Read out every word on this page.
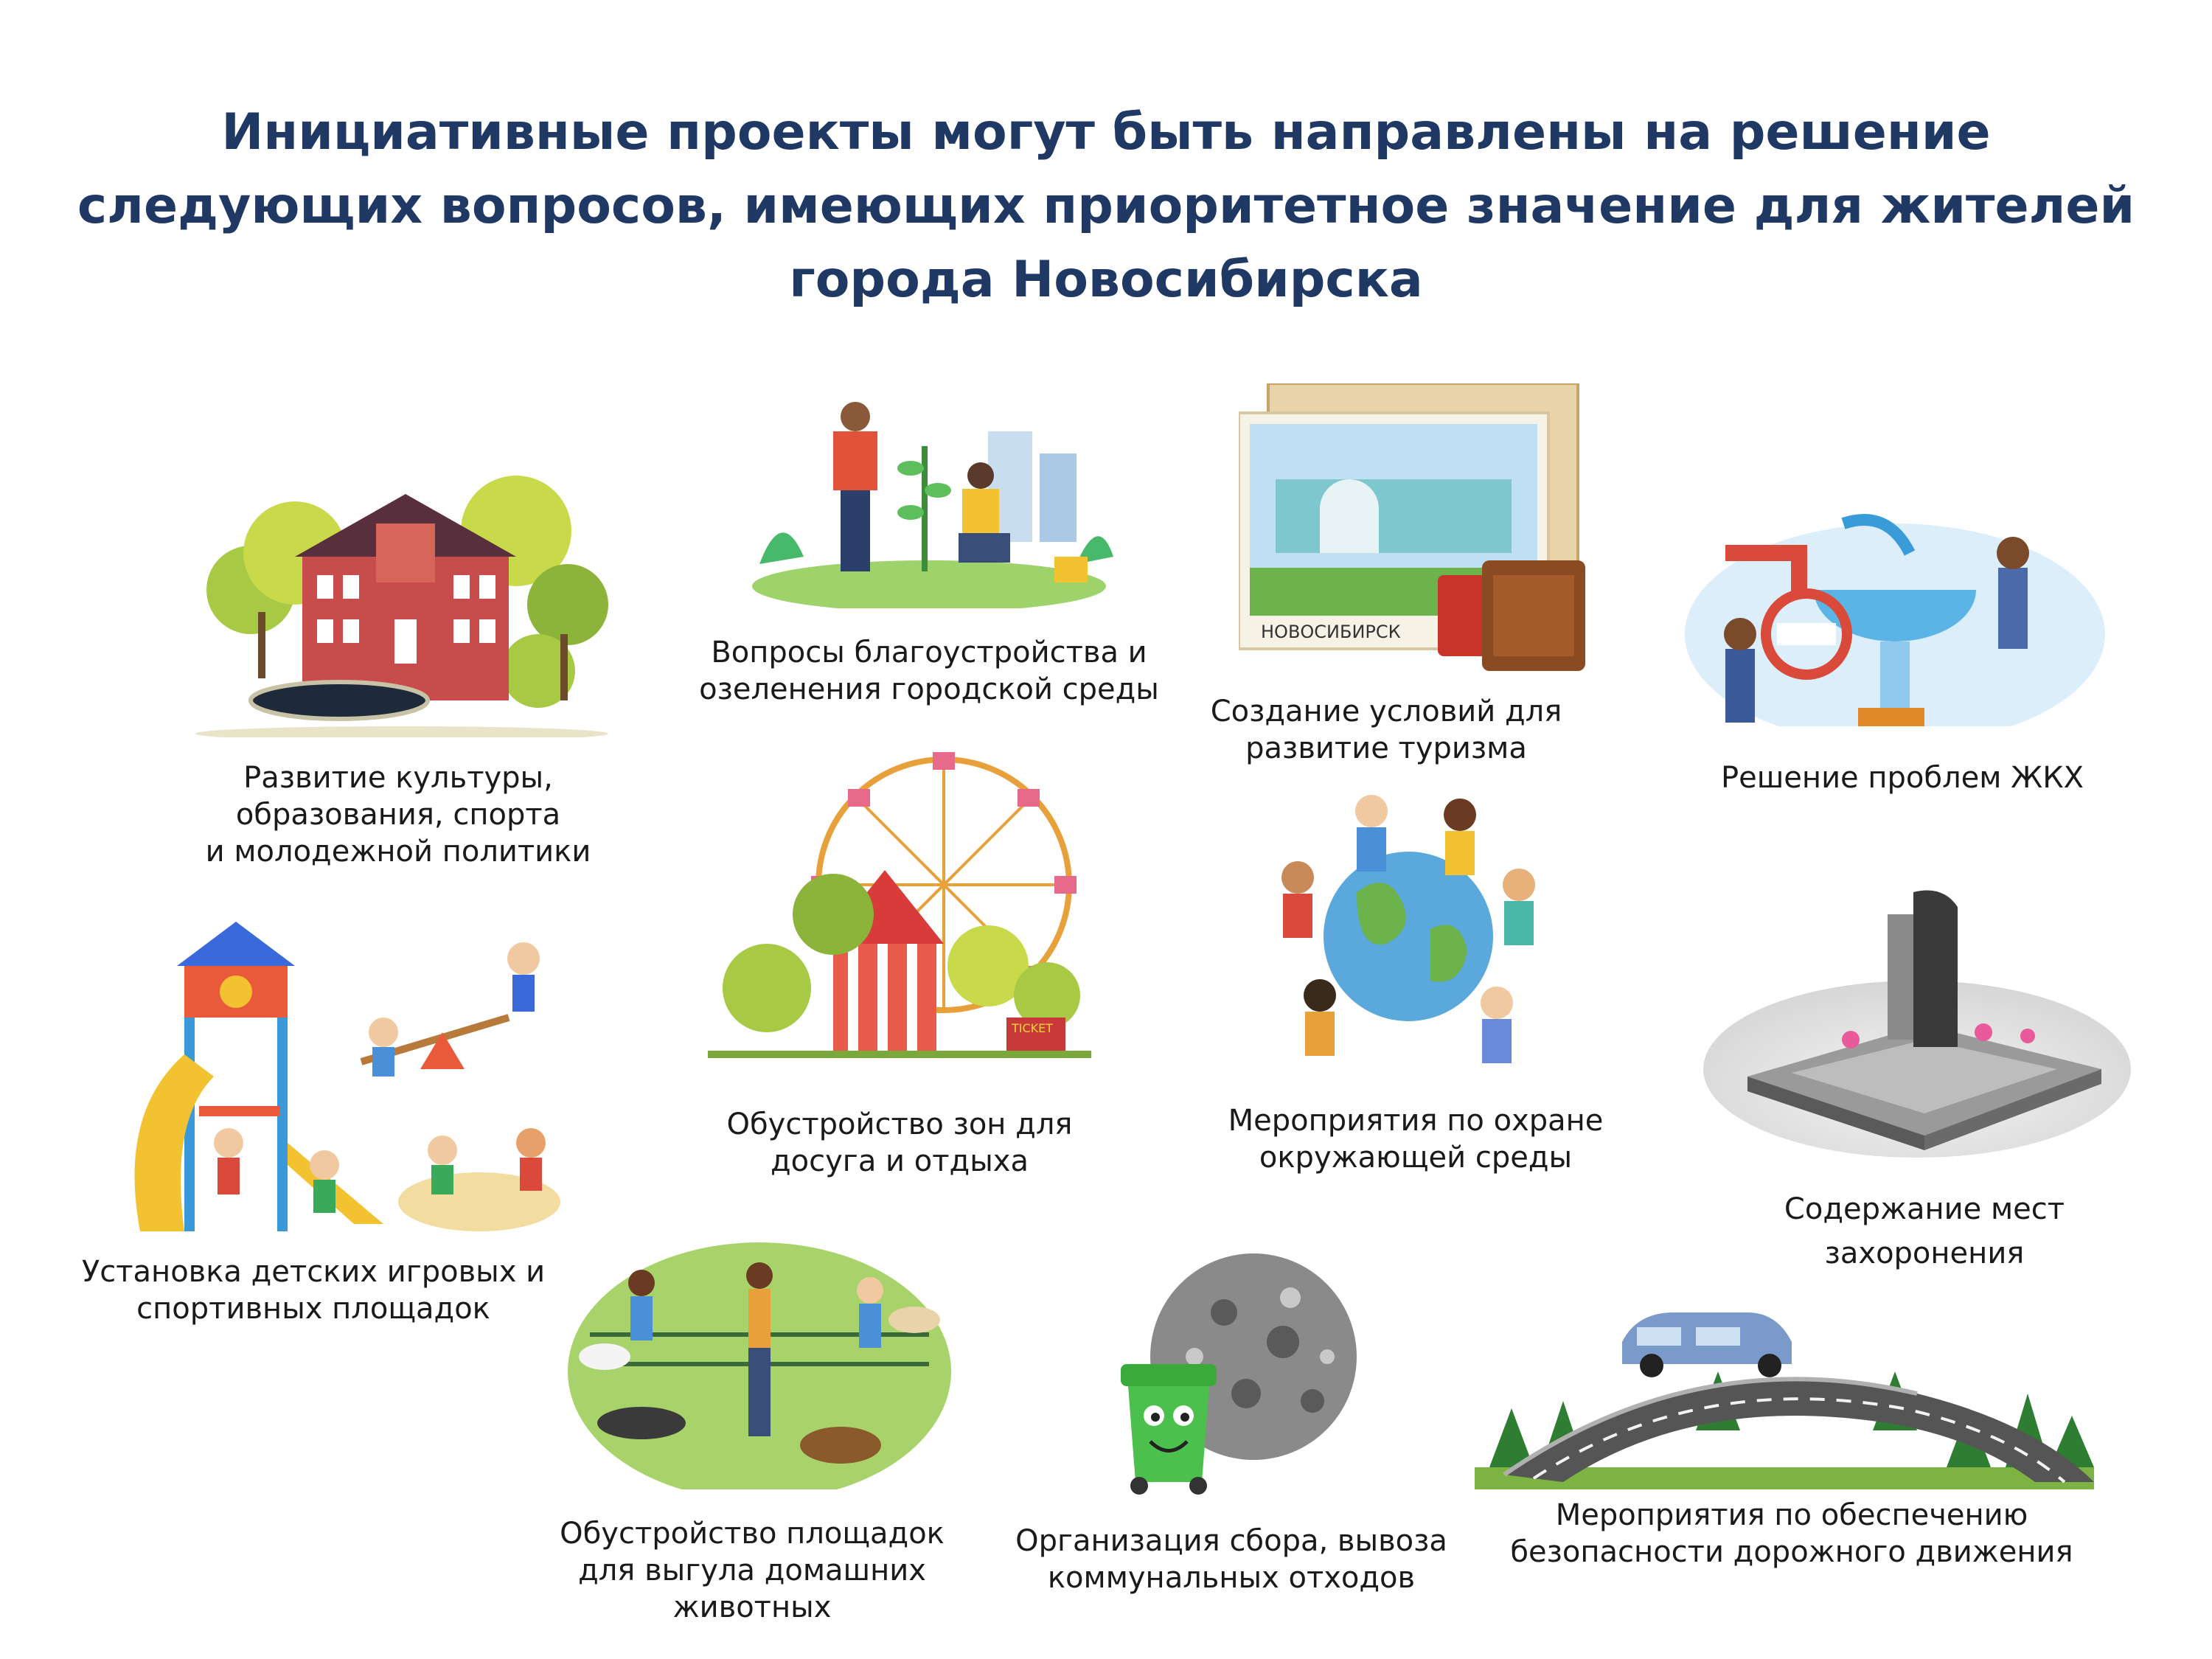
Инициативные проекты могут быть направлены на решение
следующих вопросов, имеющих приоритетное значение для жителей
города Новосибирска
Развитие культуры,
образования, спорта
и молодежной политики
Вопросы благоустройства и
озеленения городской среды
НОВОСИБИРСК
Создание условий для
развитие туризма
Решение проблем ЖКХ
TICKET
Обустройство зон для
досуга и отдыха
Мероприятия по охране
окружающей среды
Установка детских игровых и
спортивных площадок
Содержание мест
захоронения
Обустройство площадок
для выгула домашних
животных
Организация сбора, вывоза
коммунальных отходов
Мероприятия по обеспечению
безопасности дорожного движения
